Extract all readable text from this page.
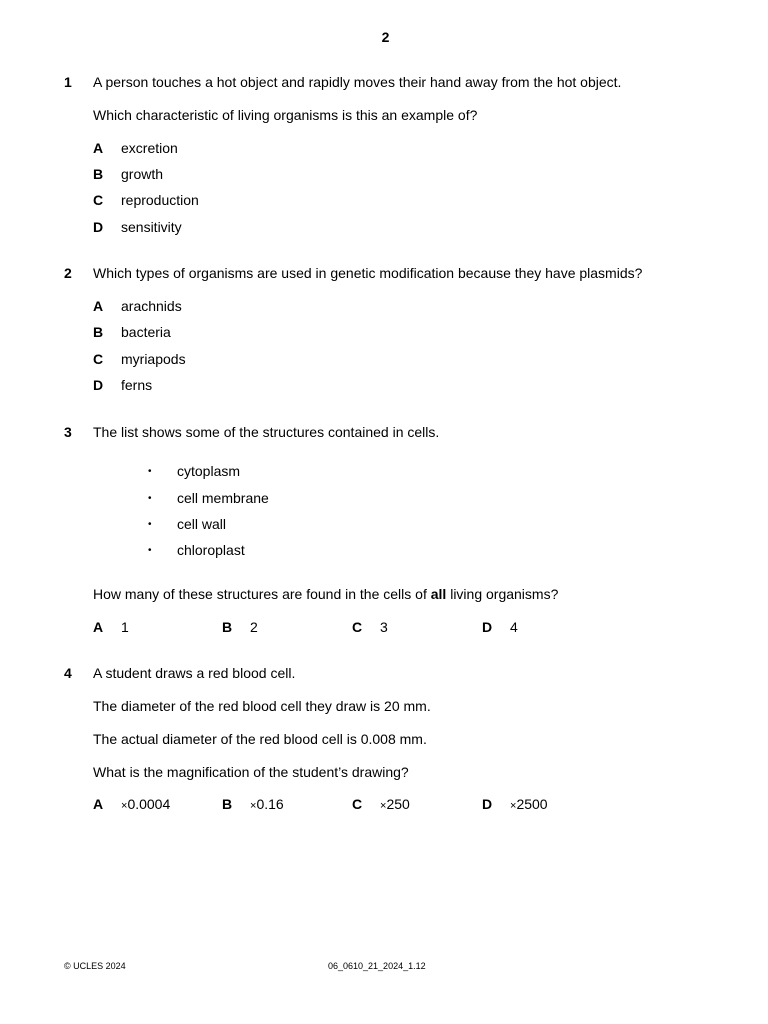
2
1 A person touches a hot object and rapidly moves their hand away from the hot object.
Which characteristic of living organisms is this an example of?
A excretion
B growth
C reproduction
D sensitivity
2 Which types of organisms are used in genetic modification because they have plasmids?
A arachnids
B bacteria
C myriapods
D ferns
3 The list shows some of the structures contained in cells.
• cytoplasm
• cell membrane
• cell wall
• chloroplast
How many of these structures are found in the cells of all living organisms?
A 1	B 2	C 3	D 4
4 A student draws a red blood cell.
The diameter of the red blood cell they draw is 20 mm.
The actual diameter of the red blood cell is 0.008 mm.
What is the magnification of the student’s drawing?
A ×0.0004	B ×0.16	C ×250	D ×2500
© UCLES 2024	06_0610_21_2024_1.12
